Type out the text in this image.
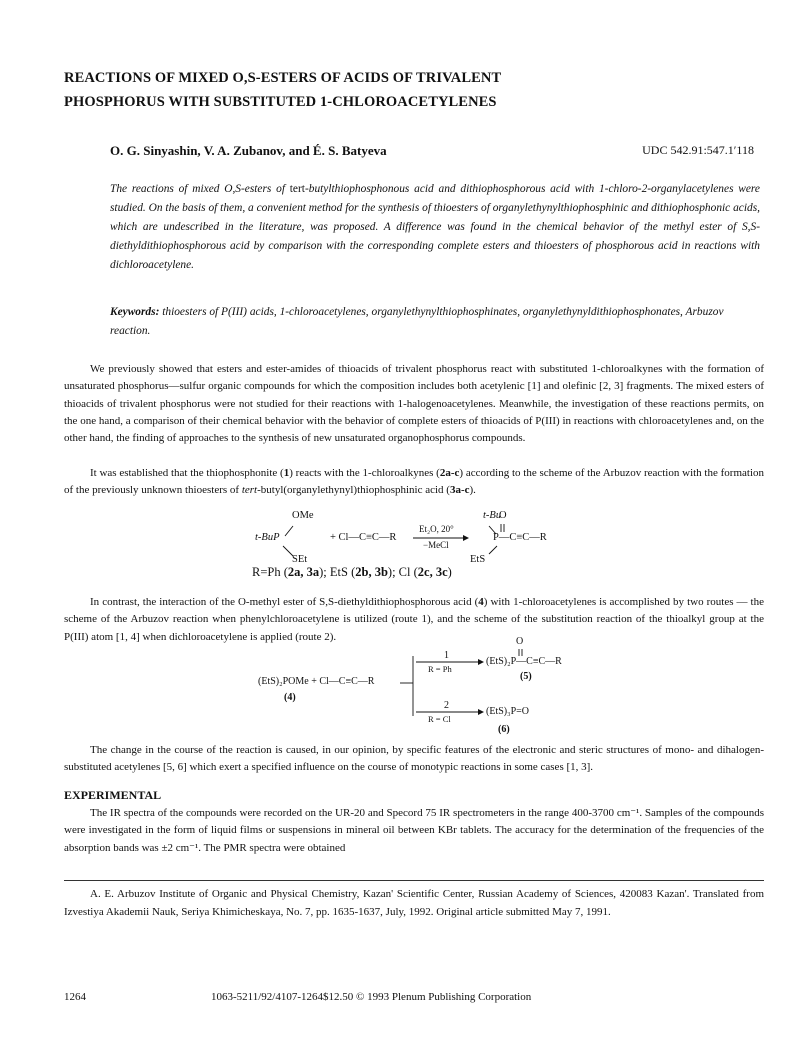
REACTIONS OF MIXED O,S-ESTERS OF ACIDS OF TRIVALENT
PHOSPHORUS WITH SUBSTITUTED 1-CHLOROACETYLENES
O. G. Sinyashin, V. A. Zubanov, and É. S. Batyeva	UDC 542.91:547.1′118
The reactions of mixed O,S-esters of tert-butylthiophosphonous acid and dithiophosphorous acid with 1-chloro-2-organylacetylenes were studied. On the basis of them, a convenient method for the synthesis of thioesters of organylethynylthiophosphinic and dithiophosphonic acids, which are undescribed in the literature, was proposed. A difference was found in the chemical behavior of the methyl ester of S,S-diethyldithiophosphorous acid by comparison with the corresponding complete esters and thioesters of phosphorous acid in reactions with dichloroacetylene.
Keywords: thioesters of P(III) acids, 1-chloroacetylenes, organylethynylthiophosphinates, organylethynyldithiophosphonates, Arbuzov reaction.
We previously showed that esters and ester-amides of thioacids of trivalent phosphorus react with substituted 1-chloroalkynes with the formation of unsaturated phosphorus—sulfur organic compounds for which the composition includes both acetylenic [1] and olefinic [2, 3] fragments. The mixed esters of thioacids of trivalent phosphorus were not studied for their reactions with 1-halogenoacetylenes. Meanwhile, the investigation of these reactions permits, on the one hand, a comparison of their chemical behavior with the behavior of complete esters of thioacids of P(III) in reactions with chloroacetylenes and, on the other hand, the finding of approaches to the synthesis of new unsaturated organophosphorus compounds.
It was established that the thiophosphonite (1) reacts with the 1-chloroalkynes (2a-c) according to the scheme of the Arbuzov reaction with the formation of the previously unknown thioesters of tert-butyl(organylethynyl)thiophosphinic acid (3a-c).
OMe
t-BuP
SEt
+ Cl—C≡C—R
Et₂O, 20°
−MeCl
t-Bu
O
P—C≡C—R
EtS
R=Ph (2a, 3a); EtS (2b, 3b); Cl (2c, 3c)
In contrast, the interaction of the O-methyl ester of S,S-diethyldithiophosphorous acid (4) with 1-chloroacetylenes is accomplished by two routes — the scheme of the Arbuzov reaction when phenylchloroacetylene is utilized (route 1), and the scheme of the substitution reaction of the thioalkyl group at the P(III) atom [1, 4] when dichloroacetylene is applied (route 2).
(EtS)₂POMe + Cl—C≡C—R
(4)
1
R = Ph
O
(EtS)₂P—C≡C—R
(5)
2
R = Cl
(EtS)₃P=O
(6)
The change in the course of the reaction is caused, in our opinion, by specific features of the electronic and steric structures of mono- and dihalogen-substituted acetylenes [5, 6] which exert a specified influence on the course of monotypic reactions in some cases [1, 3].
EXPERIMENTAL
The IR spectra of the compounds were recorded on the UR-20 and Specord 75 IR spectrometers in the range 400-3700 cm⁻¹. Samples of the compounds were investigated in the form of liquid films or suspensions in mineral oil between KBr tablets. The accuracy for the determination of the frequencies of the absorption bands was ±2 cm⁻¹. The PMR spectra were obtained
A. E. Arbuzov Institute of Organic and Physical Chemistry, Kazan' Scientific Center, Russian Academy of Sciences, 420083 Kazan'. Translated from Izvestiya Akademii Nauk, Seriya Khimicheskaya, No. 7, pp. 1635-1637, July, 1992. Original article submitted May 7, 1991.
1264	1063-5211/92/4107-1264$12.50 © 1993 Plenum Publishing Corporation
